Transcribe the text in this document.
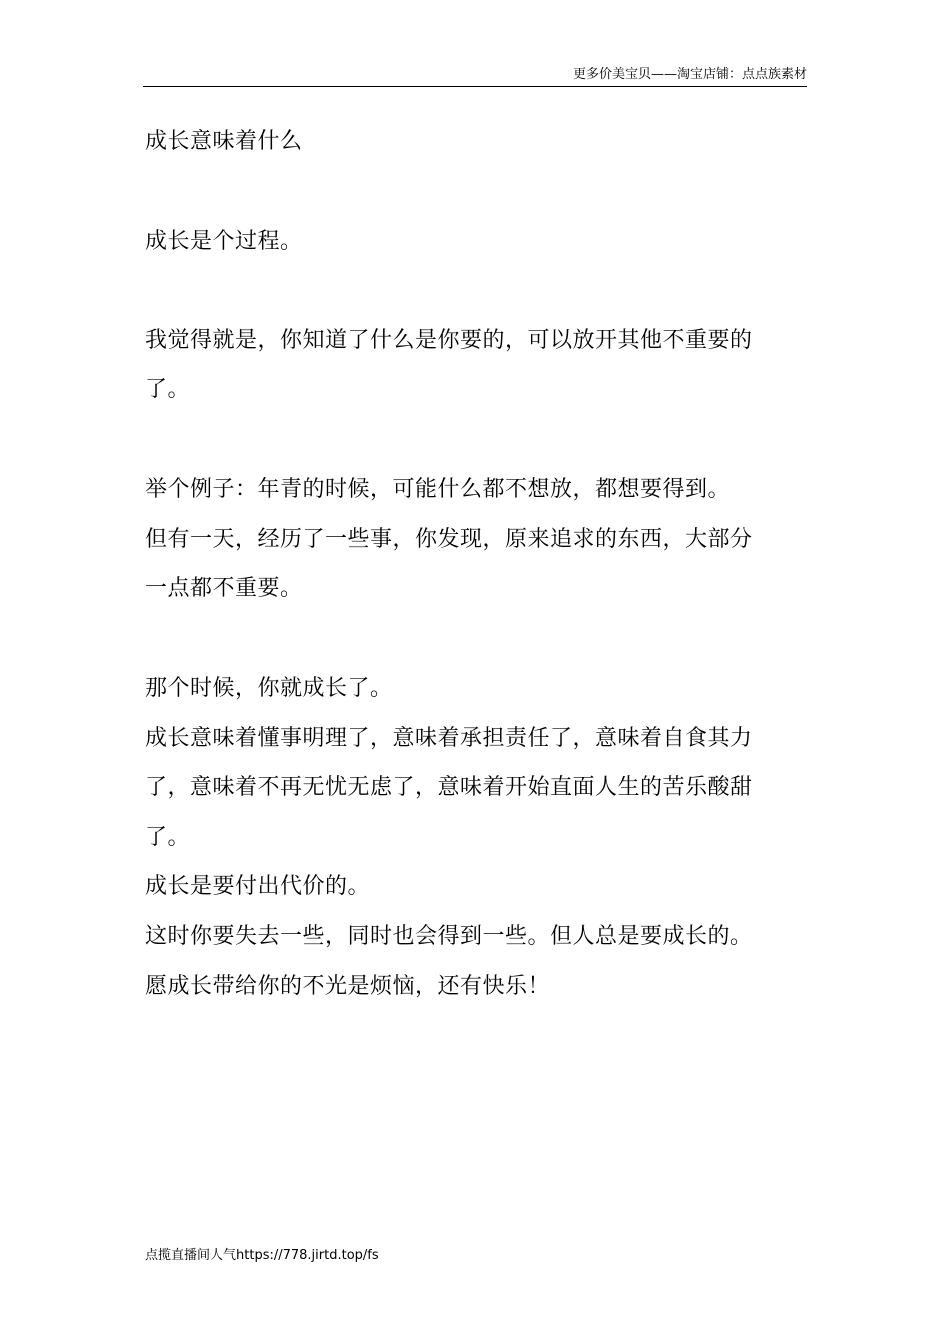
更多价美宝贝——淘宝店铺：点点族素材
成长意味着什么
成长是个过程。
我觉得就是，你知道了什么是你要的，可以放开其他不重要的
了。
举个例子：年青的时候，可能什么都不想放，都想要得到。
但有一天，经历了一些事，你发现，原来追求的东西，大部分
一点都不重要。
那个时候，你就成长了。
成长意味着懂事明理了，意味着承担责任了，意味着自食其力
了，意味着不再无忧无虑了，意味着开始直面人生的苦乐酸甜
了。
成长是要付出代价的。
这时你要失去一些，同时也会得到一些。但人总是要成长的。
愿成长带给你的不光是烦恼，还有快乐！
点揽直播间人气https://778.jirtd.top/fs
